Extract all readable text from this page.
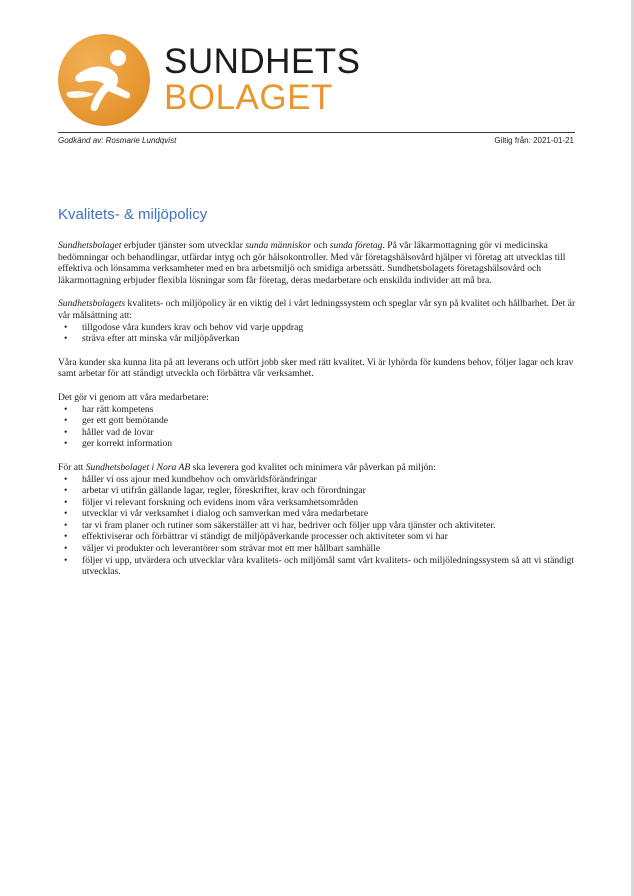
SUNDHETS
BOLAGET
Godkänd av: Rosmarie Lundqvist	Giltig från: 2021-01-21
Kvalitets- & miljöpolicy

Sundhetsbolaget erbjuder tjänster som utvecklar sunda människor och sunda företag. På vår läkarmottagning gör vi medicinska bedömningar och behandlingar, utfärdar intyg och gör hälsokontroller. Med vår företagshälsovård hjälper vi företag att utvecklas till effektiva och lönsamma verksamheter med en bra arbetsmiljö och smidiga arbetssätt. Sundhetsbolagets företagshälsovård och läkarmottagning erbjuder flexibla lösningar som får företag, deras medarbetare och enskilda individer att må bra.

Sundhetsbolagets kvalitets- och miljöpolicy är en viktig del i vårt ledningssystem och speglar vår syn på kvalitet och hållbarhet. Det är vår målsättning att:

• tillgodose våra kunders krav och behov vid varje uppdrag
• sträva efter att minska vår miljöpåverkan

Våra kunder ska kunna lita på att leverans och utfört jobb sker med rätt kvalitet. Vi är lyhörda för kundens behov, följer lagar och krav samt arbetar för att ständigt utveckla och förbättra vår verksamhet.

Det gör vi genom att våra medarbetare:

• har rätt kompetens
• ger ett gott bemötande
• håller vad de lovar
• ger korrekt information

För att Sundhetsbolaget i Nora AB ska leverera god kvalitet och minimera vår påverkan på miljön:

• håller vi oss ajour med kundbehov och omvärldsförändringar
• arbetar vi utifrån gällande lagar, regler, föreskrifter, krav och förordningar
• följer vi relevant forskning och evidens inom våra verksamhetsområden
• utvecklar vi vår verksamhet i dialog och samverkan med våra medarbetare
• tar vi fram planer och rutiner som säkerställer att vi har, bedriver och följer upp våra tjänster och aktiviteter.
• effektiviserar och förbättrar vi ständigt de miljöpåverkande processer och aktiviteter som vi har
• väljer vi produkter och leverantörer som strävar mot ett mer hållbart samhälle
• följer vi upp, utvärdera och utvecklar våra kvalitets- och miljömål samt vårt kvalitets- och miljöledningssystem så att vi ständigt utvecklas.
